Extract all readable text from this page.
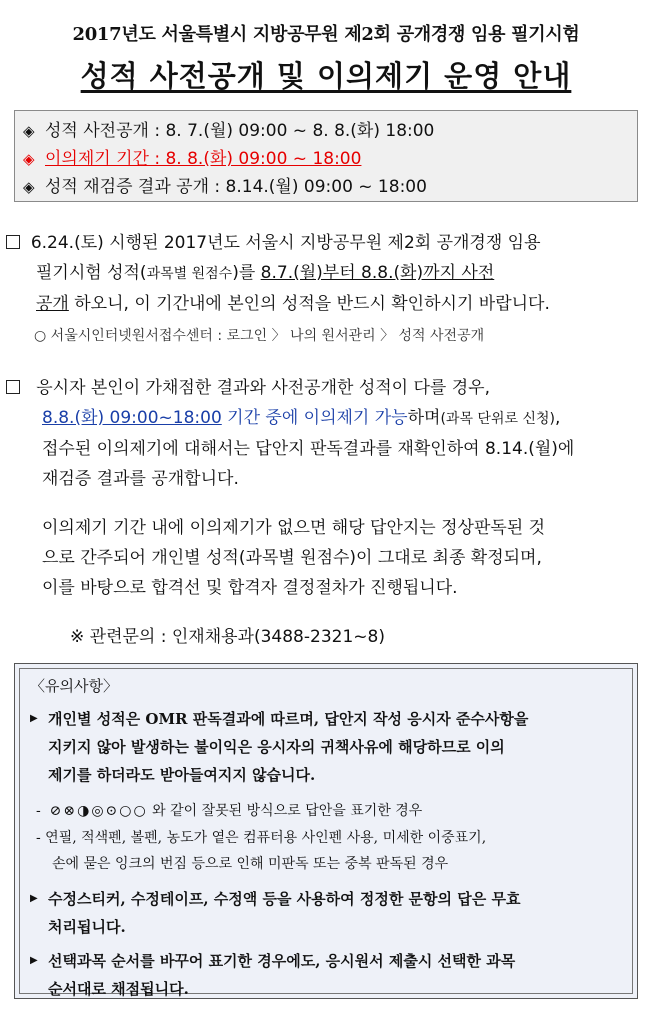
2017년도 서울특별시 지방공무원 제2회 공개경쟁 임용 필기시험
성적 사전공개 및 이의제기 운영 안내
◈ 성적 사전공개 : 8. 7.(월) 09:00 ~ 8. 8.(화) 18:00
◈ 이의제기 기간 : 8. 8.(화) 09:00 ~ 18:00
◈ 성적 재검증 결과 공개 : 8.14.(월) 09:00 ~ 18:00
6.24.(토) 시행된 2017년도 서울시 지방공무원 제2회 공개경쟁 임용
필기시험 성적(과목별 원점수)를 8.7.(월)부터 8.8.(화)까지 사전
공개 하오니, 이 기간내에 본인의 성적을 반드시 확인하시기 바랍니다.
○ 서울시인터넷원서접수센터 : 로그인 〉 나의 원서관리 〉 성적 사전공개
응시자 본인이 가채점한 결과와 사전공개한 성적이 다를 경우,
8.8.(화) 09:00~18:00 기간 중에 이의제기 가능하며(과목 단위로 신청),
접수된 이의제기에 대해서는 답안지 판독결과를 재확인하여 8.14.(월)에
재검증 결과를 공개합니다.
이의제기 기간 내에 이의제기가 없으면 해당 답안지는 정상판독된 것
으로 간주되어 개인별 성적(과목별 원점수)이 그대로 최종 확정되며,
이를 바탕으로 합격선 및 합격자 결정절차가 진행됩니다.
※ 관련문의 : 인재채용과(3488-2321~8)
〈유의사항〉
▶ 개인별 성적은 OMR 판독결과에 따르며, 답안지 작성 응시자 준수사항을
지키지 않아 발생하는 불이익은 응시자의 귀책사유에 해당하므로 이의
제기를 하더라도 받아들여지지 않습니다.
-  ⊘⊗◑◎⊙○○ 와 같이 잘못된 방식으로 답안을 표기한 경우
- 연필, 적색펜, 볼펜, 농도가 옅은 컴퓨터용 사인펜 사용, 미세한 이중표기,
손에 묻은 잉크의 번짐 등으로 인해 미판독 또는 중복 판독된 경우
▶ 수정스티커, 수정테이프, 수정액 등을 사용하여 정정한 문항의 답은 무효
처리됩니다.
▶ 선택과목 순서를 바꾸어 표기한 경우에도, 응시원서 제출시 선택한 과목
순서대로 채점됩니다.
